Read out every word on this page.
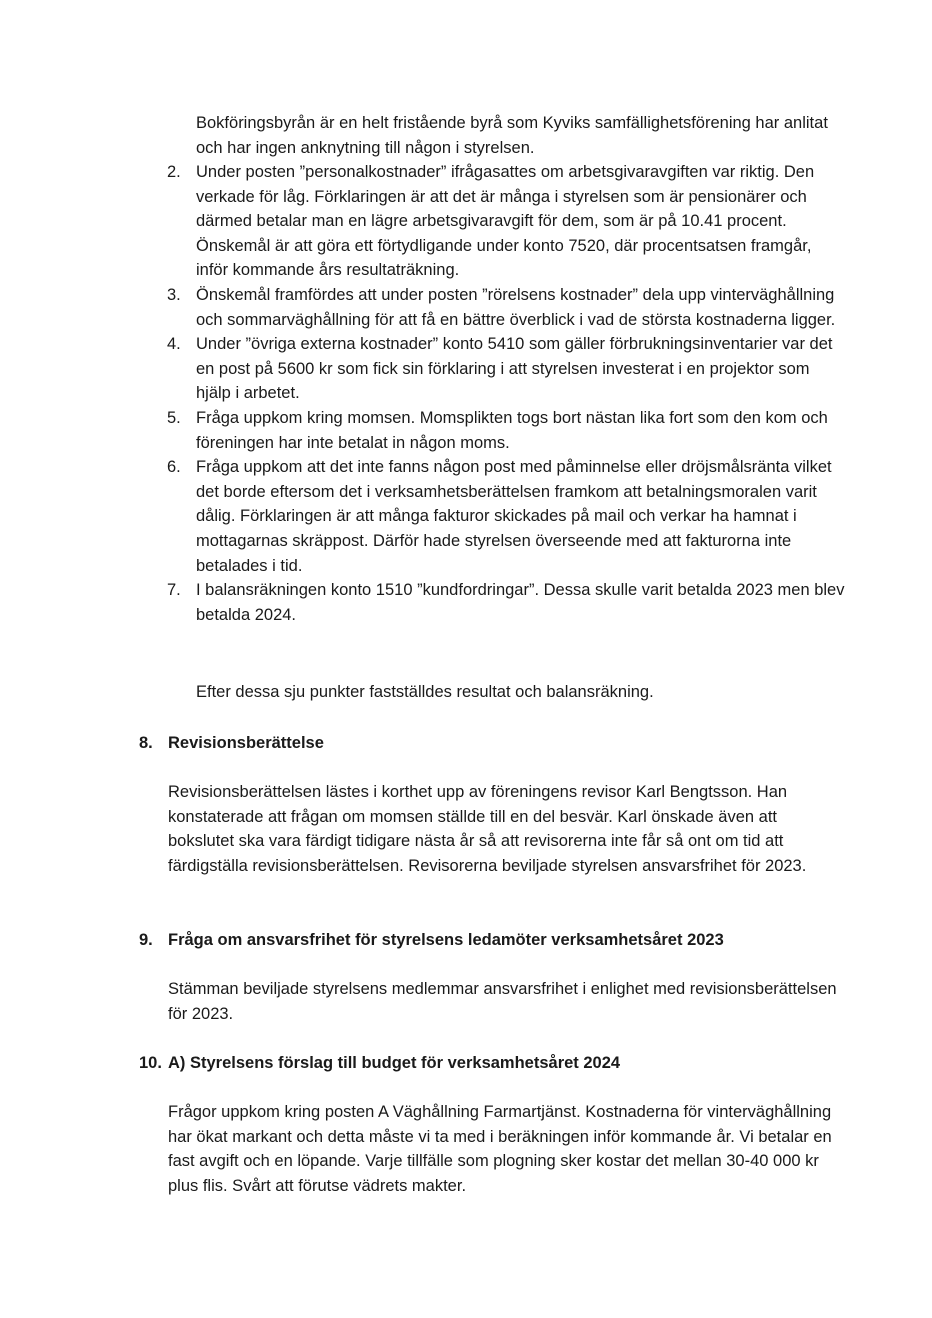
Bokföringsbyrån är en helt fristående byrå som Kyviks samfällighetsförening har anlitat och har ingen anknytning till någon i styrelsen.
2. Under posten ”personalkostnader” ifrågasattes om arbetsgivaravgiften var riktig. Den verkade för låg. Förklaringen är att det är många i styrelsen som är pensionärer och därmed betalar man en lägre arbetsgivaravgift för dem, som är på 10.41 procent. Önskemål är att göra ett förtydligande under konto 7520, där procentsatsen framgår, inför kommande års resultaträkning.
3. Önskemål framfördes att under posten ”rörelsens kostnader” dela upp vinterväghållning och sommarväghållning för att få en bättre överblick i vad de största kostnaderna ligger.
4. Under ”övriga externa kostnader” konto 5410 som gäller förbrukningsinventarier var det en post på 5600 kr som fick sin förklaring i att styrelsen investerat i en projektor som hjälp i arbetet.
5. Fråga uppkom kring momsen. Momsplikten togs bort nästan lika fort som den kom och föreningen har inte betalat in någon moms.
6. Fråga uppkom att det inte fanns någon post med påminnelse eller dröjsmålsränta vilket det borde eftersom det i verksamhetsberättelsen framkom att betalningsmoralen varit dålig. Förklaringen är att många fakturor skickades på mail och verkar ha hamnat i mottagarnas skräppost. Därför hade styrelsen överseende med att fakturorna inte betalades i tid.
7. I balansräkningen konto 1510 ”kundfordringar”. Dessa skulle varit betalda 2023 men blev betalda 2024.
Efter dessa sju punkter fastställdes resultat och balansräkning.
8. Revisionsberättelse
Revisionsberättelsen lästes i korthet upp av föreningens revisor Karl Bengtsson. Han konstaterade att frågan om momsen ställde till en del besvär. Karl önskade även att bokslutet ska vara färdigt tidigare nästa år så att revisorerna inte får så ont om tid att färdigställa revisionsberättelsen. Revisorerna beviljade styrelsen ansvarsfrihet för 2023.
9. Fråga om ansvarsfrihet för styrelsens ledamöter verksamhetsåret 2023
Stämman beviljade styrelsens medlemmar ansvarsfrihet i enlighet med revisionsberättelsen för 2023.
10. A) Styrelsens förslag till budget för verksamhetsåret 2024
Frågor uppkom kring posten A Väghållning Farmartjänst. Kostnaderna för vinterväghållning har ökat markant och detta måste vi ta med i beräkningen inför kommande år. Vi betalar en fast avgift och en löpande. Varje tillfälle som plogning sker kostar det mellan 30-40 000 kr plus flis. Svårt att förutse vädrets makter.
